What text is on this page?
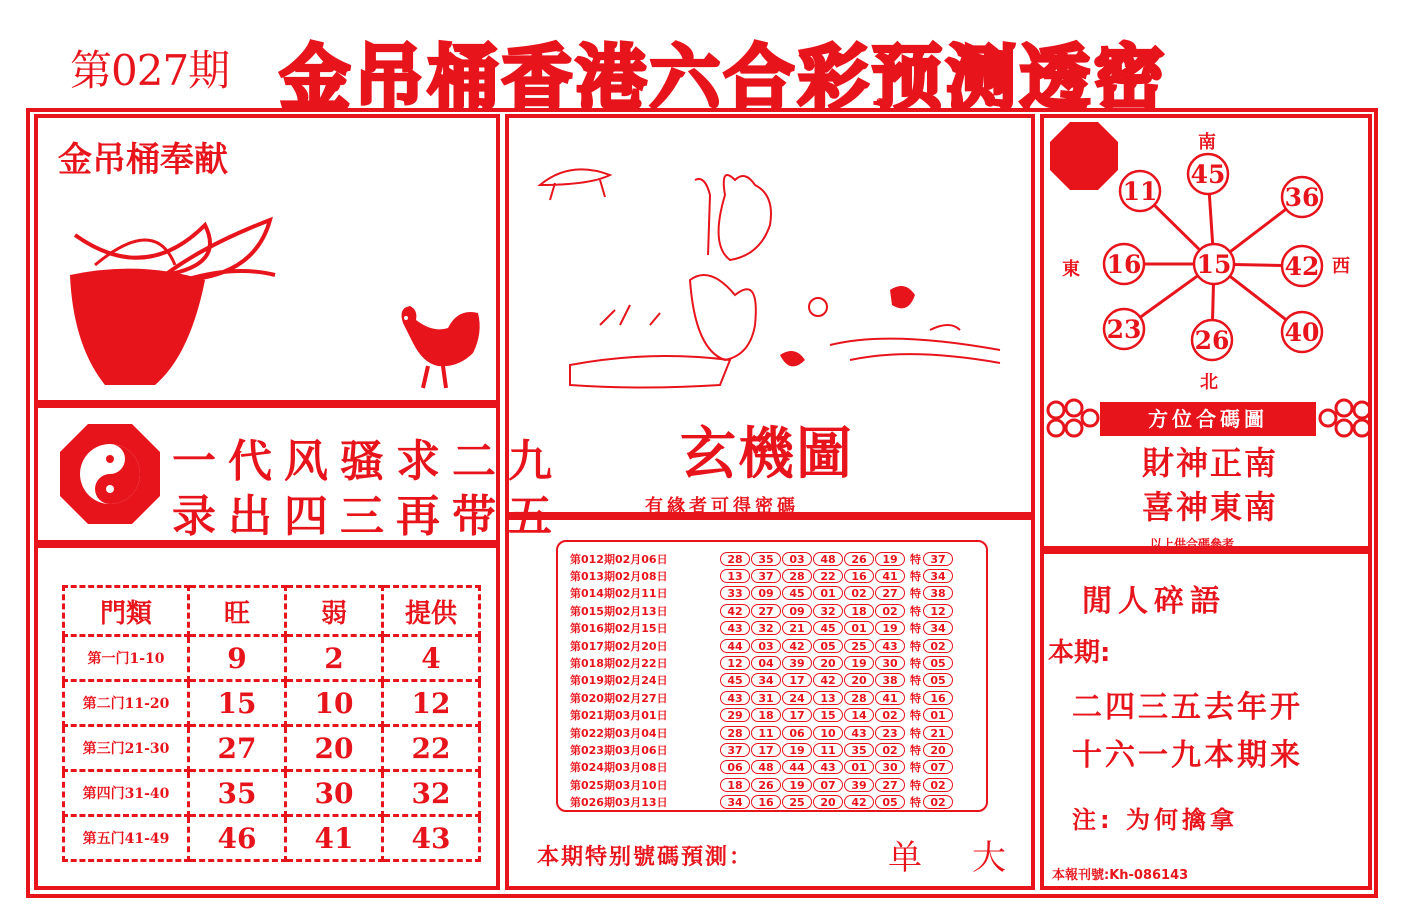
第027期 金吊桶香港六合彩预测透密
金吊桶奉献
一代风骚求二九
录出四三再带五
門類	旺	弱	提供
第一门1-10	9	2	4
第二门11-20	15	10	12
第三门21-30	27	20	22
第四门31-40	35	30	32
第五门41-49	46	41	43
玄機圖
有緣者可得密碼
第012期02月06日	28	35	03	48	26	19	特 37
第013期02月08日	13	37	28	22	16	41	特 34
第014期02月11日	33	09	45	01	02	27	特 38
第015期02月13日	42	27	09	32	18	02	特 12
第016期02月15日	43	32	21	45	01	19	特 34
第017期02月20日	44	03	42	05	25	43	特 02
第018期02月22日	12	04	39	20	19	30	特 05
第019期02月24日	45	34	17	42	20	38	特 05
第020期02月27日	43	31	24	13	28	41	特 16
第021期03月01日	29	18	17	15	14	02	特 01
第022期03月04日	28	11	06	10	43	23	特 21
第023期03月06日	37	17	19	11	35	02	特 20
第024期03月08日	06	48	44	43	01	30	特 07
第025期03月10日	18	26	19	07	39	27	特 02
第026期03月13日	34	16	25	20	42	05	特 02
本期特别號碼預測：	单 大
45
36
11
16	42
23 26 40
15
南
北
東	西
方位合碼圖
財神正南
喜神東南
以上供合碼參考
閒人碎語
本期:
二四三五去年开
十六一九本期来
注: 为何擒拿
本報刊號:Kh-086143
